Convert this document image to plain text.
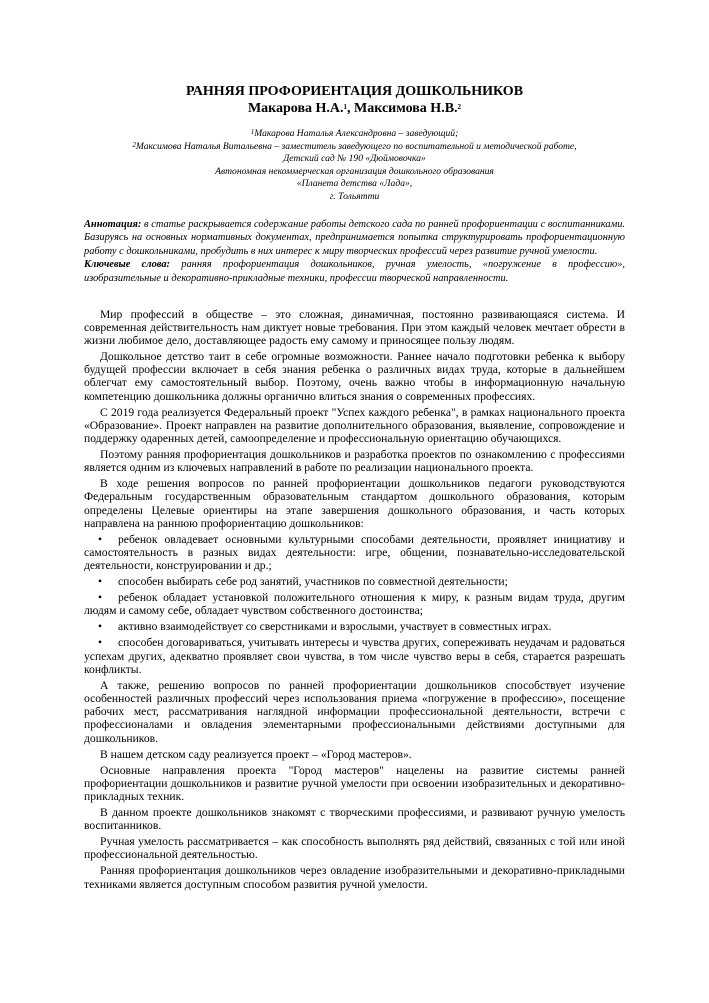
РАННЯЯ ПРОФОРИЕНТАЦИЯ ДОШКОЛЬНИКОВ

Макарова Н.А.$^1$, Максимова Н.В.$^2$

$^1$Макарова Наталья Александровна – заведующий;

$^2$Максимова Наталья Витальевна – заместитель заведующего по воспитательной и методической работе,

Детский сад № 190 «Дюймовочка»

Автономная некоммерческая организация дошкольного образования

«Планета детства «Лада»,

г. Тольятти

Аннотация: в статье раскрывается содержание работы детского сада по ранней профориентации с воспитанниками. Базируясь на основных нормативных документах, предпринимается попытка структурировать профориентационную работу с дошкольниками, пробудить в них интерес к миру творческих профессий через развитие ручной умелости.

Ключевые слова: ранняя профориентация дошкольников, ручная умелость, «погружение в профессию», изобразительные и декоративно-прикладные техники, профессии творческой направленности.

Мир профессий в обществе – это сложная, динамичная, постоянно развивающаяся система. И современная действительность нам диктует новые требования. При этом каждый человек мечтает обрести в жизни любимое дело, доставляющее радость ему самому и приносящее пользу людям.

Дошкольное детство таит в себе огромные возможности. Раннее начало подготовки ребенка к выбору будущей профессии включает в себя знания ребенка о различных видах труда, которые в дальнейшем облегчат ему самостоятельный выбор. Поэтому, очень важно чтобы в информационную начальную компетенцию дошкольника должны органично влиться знания о современных профессиях.

С 2019 года реализуется Федеральный проект "Успех каждого ребенка", в рамках национального проекта «Образование». Проект направлен на развитие дополнительного образования, выявление, сопровождение и поддержку одаренных детей, самоопределение и профессиональную ориентацию обучающихся.

Поэтому ранняя профориентация дошкольников и разработка проектов по ознакомлению с профессиями является одним из ключевых направлений в работе по реализации национального проекта.

В ходе решения вопросов по ранней профориентации дошкольников педагоги руководствуются Федеральным государственным образовательным стандартом дошкольного образования, которым определены Целевые ориентиры на этапе завершения дошкольного образования, и часть которых направлена на раннюю профориентацию дошкольников:

• ребенок овладевает основными культурными способами деятельности, проявляет инициативу и самостоятельность в разных видах деятельности: игре, общении, познавательно-исследовательской деятельности, конструировании и др.;
• способен выбирать себе род занятий, участников по совместной деятельности;
• ребенок обладает установкой положительного отношения к миру, к разным видам труда, другим людям и самому себе, обладает чувством собственного достоинства;
• активно взаимодействует со сверстниками и взрослыми, участвует в совместных играх.
• способен договариваться, учитывать интересы и чувства других, сопереживать неудачам и радоваться успехам других, адекватно проявляет свои чувства, в том числе чувство веры в себя, старается разрешать конфликты.

А также, решению вопросов по ранней профориентации дошкольников способствует изучение особенностей различных профессий через использования приема «погружение в профессию», посещение рабочих мест, рассматривания наглядной информации профессиональной деятельности, встречи с профессионалами и овладения элементарными профессиональными действиями доступными для дошкольников.

В нашем детском саду реализуется проект – «Город мастеров».

Основные направления проекта "Город мастеров" нацелены на развитие системы ранней профориентации дошкольников и развитие ручной умелости при освоении изобразительных и декоративно-прикладных техник.

В данном проекте дошкольников знакомят с творческими профессиями, и развивают ручную умелость воспитанников.

Ручная умелость рассматривается – как способность выполнять ряд действий, связанных с той или иной профессиональной деятельностью.

Ранняя профориентация дошкольников через овладение изобразительными и декоративно-прикладными техниками является доступным способом развития ручной умелости.
